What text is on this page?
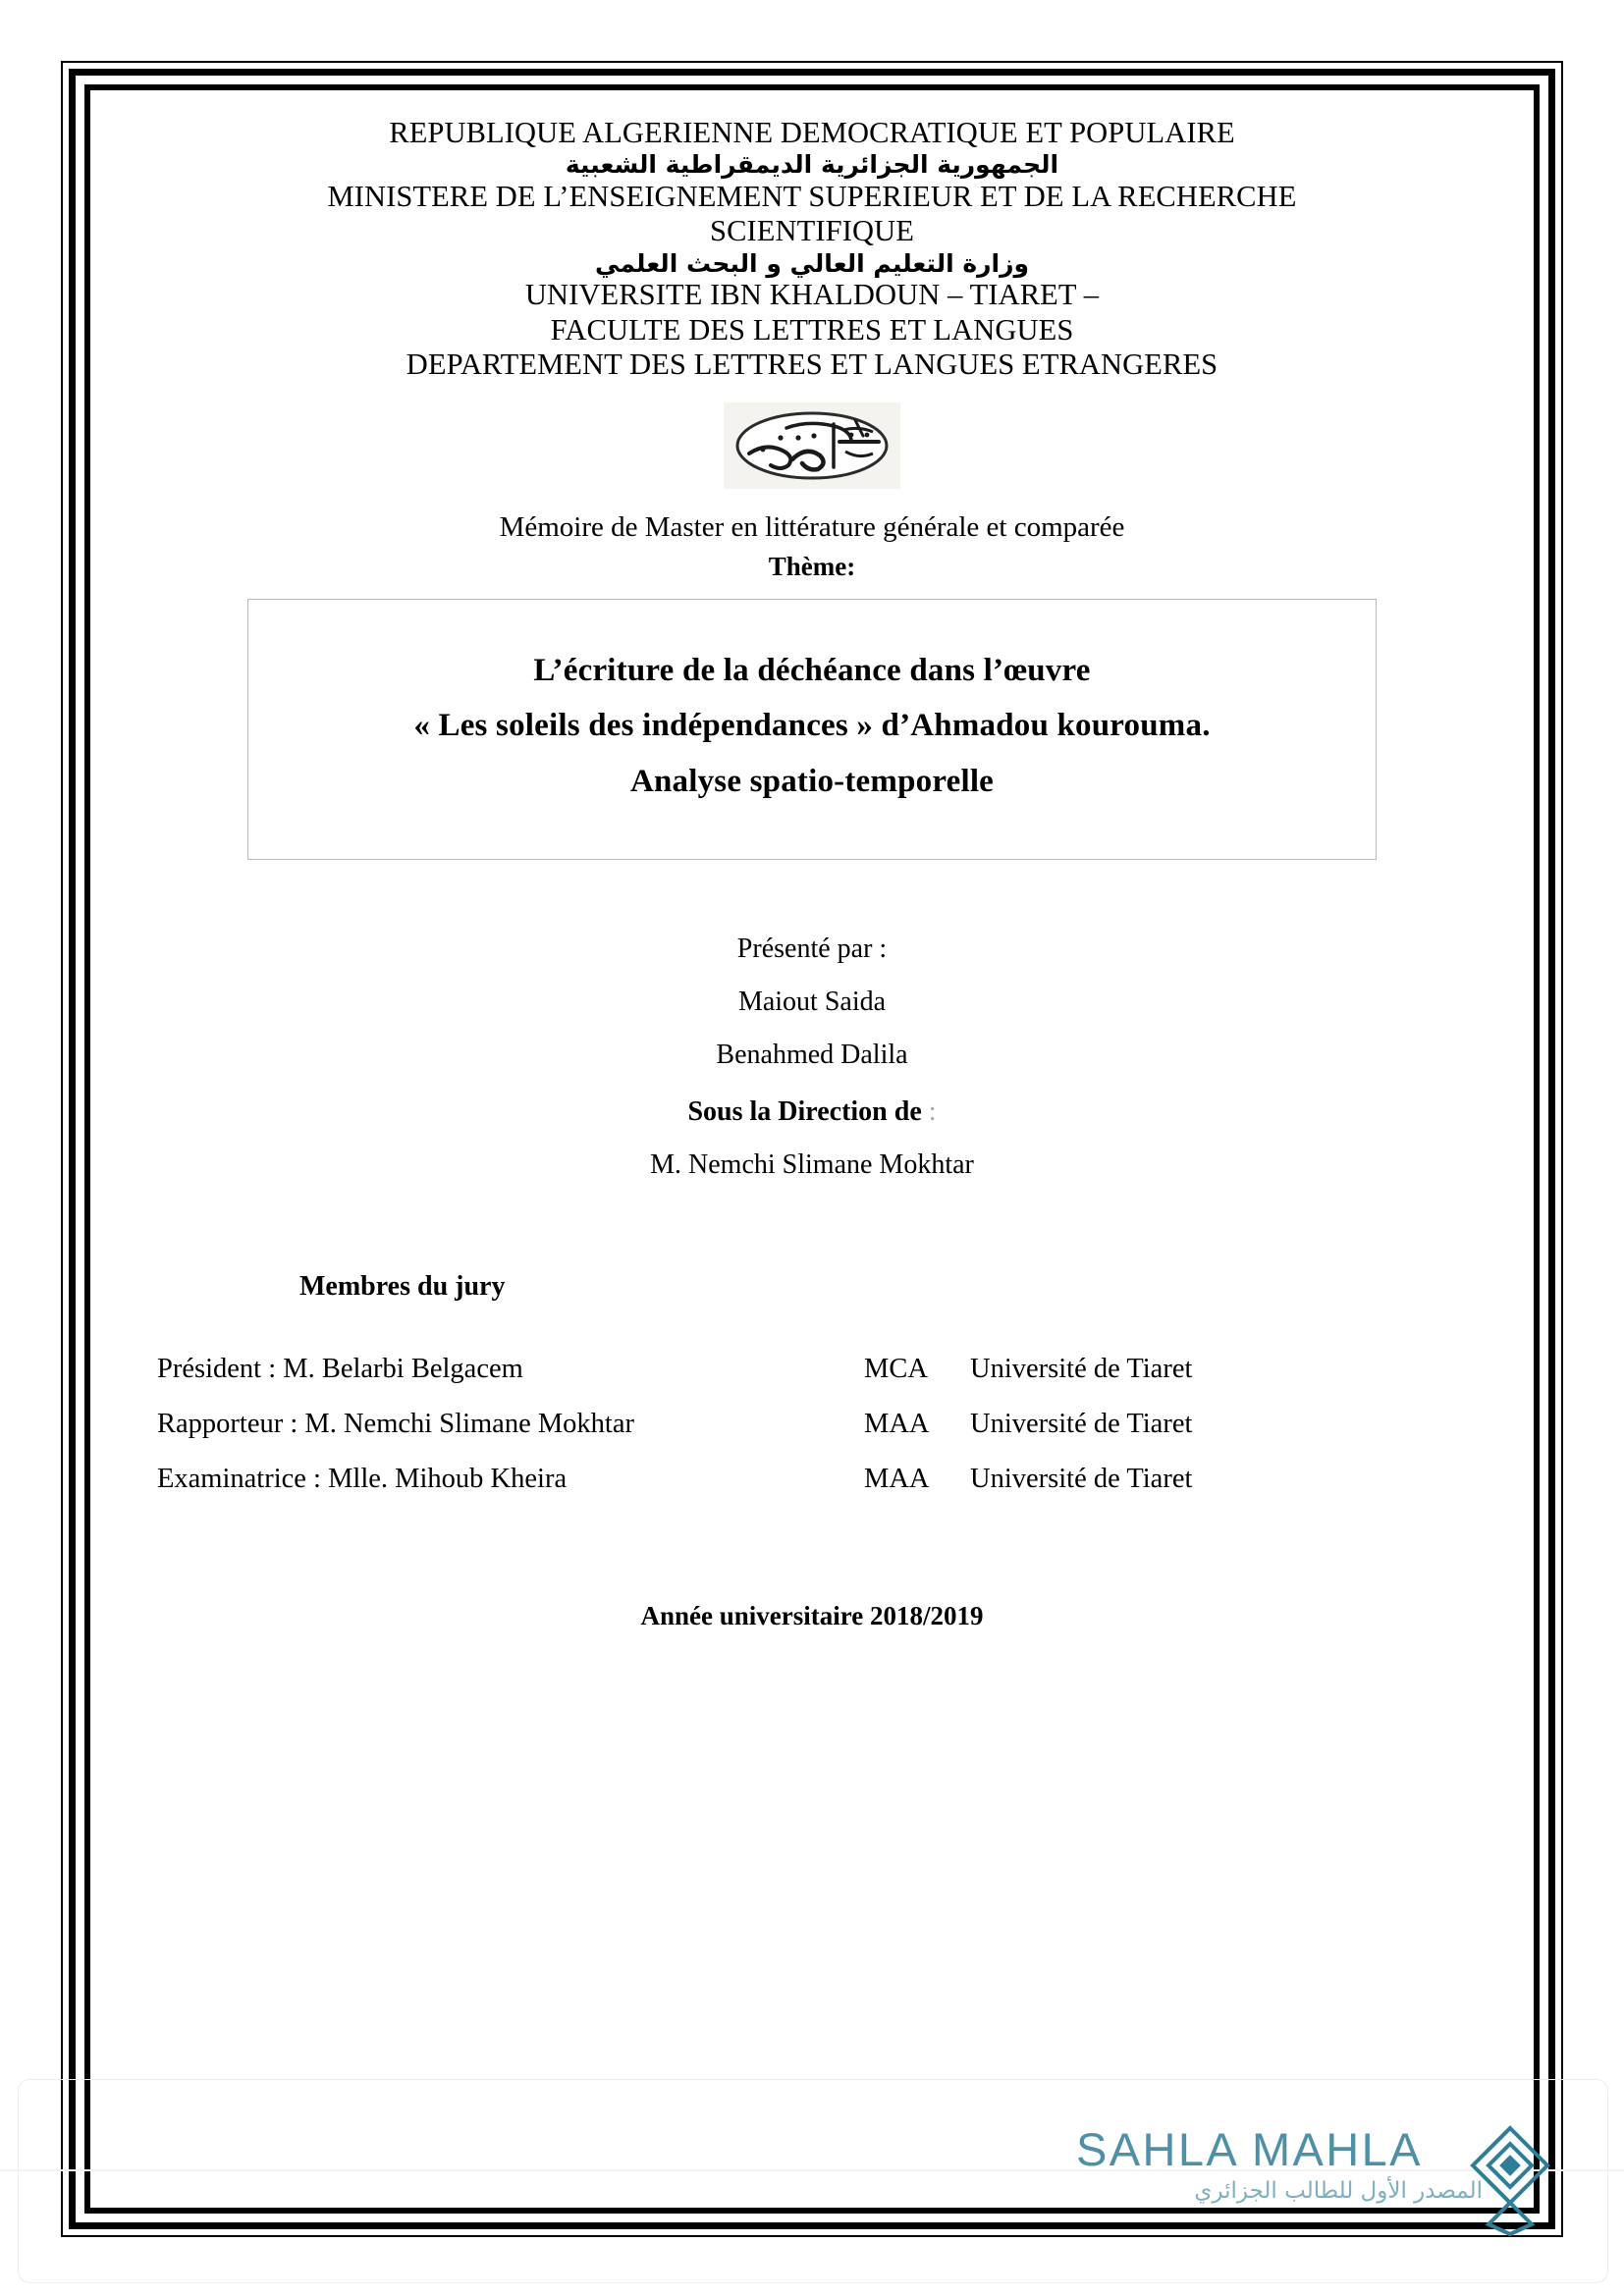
REPUBLIQUE ALGERIENNE DEMOCRATIQUE ET POPULAIRE
الجمهورية الجزائرية الديمقراطية الشعبية
MINISTERE DE L’ENSEIGNEMENT SUPERIEUR ET DE LA RECHERCHE
SCIENTIFIQUE
وزارة التعليم العالي و البحث العلمي
UNIVERSITE IBN KHALDOUN – TIARET –
FACULTE DES LETTRES ET LANGUES
DEPARTEMENT DES LETTRES ET LANGUES ETRANGERES
Mémoire de Master en littérature générale et comparée
Thème:
L’écriture de la déchéance dans l’œuvre
« Les soleils des indépendances » d’Ahmadou kourouma.
Analyse spatio-temporelle
Présenté par :
Maiout Saida
Benahmed Dalila
Sous la Direction de :
M. Nemchi Slimane Mokhtar
Membres du jury
Président : M. Belarbi Belgacem	MCA	Université de Tiaret
Rapporteur : M. Nemchi Slimane Mokhtar	MAA	Université de Tiaret
Examinatrice : Mlle. Mihoub Kheira	MAA	Université de Tiaret
Année universitaire 2018/2019
SAHLA MAHLA
المصدر الأول للطالب الجزائري
